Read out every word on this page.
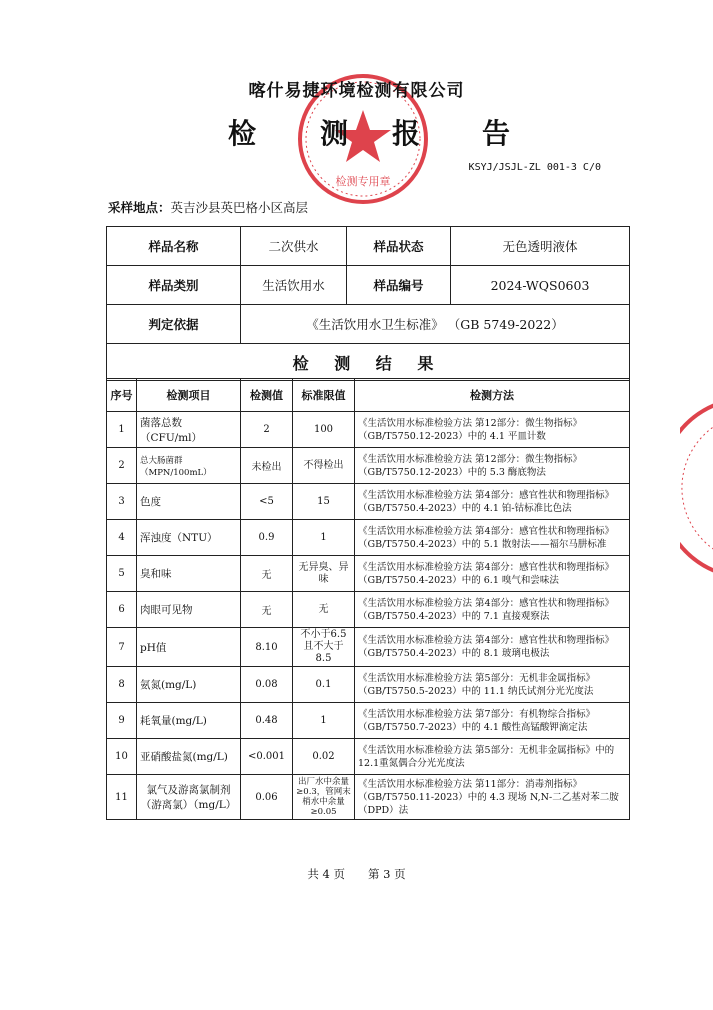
检测专用章
喀什易捷环境检测有限公司
检 测 报 告
KSYJ/JSJL-ZL 001-3 C/0
采样地点：英吉沙县英巴格小区高层
样品名称	二次供水	样品状态	无色透明液体
样品类别	生活饮用水	样品编号	2024-WQS0603
判定依据	《生活饮用水卫生标准》 （GB 5749-2022）		
检 测 结 果			
序号	检测项目	检测值	标准限值	检测方法
1	菌落总数（CFU/ml）	2	100	《生活饮用水标准检验方法 第12部分：微生物指标》（GB/T5750.12-2023）中的 4.1 平皿计数
2	总大肠菌群（MPN/100mL）	未检出	不得检出	《生活饮用水标准检验方法 第12部分：微生物指标》（GB/T5750.12-2023）中的 5.3 酶底物法
3	色度	<5	15	《生活饮用水标准检验方法 第4部分：感官性状和物理指标》（GB/T5750.4-2023）中的 4.1 铂-钴标准比色法
4	浑浊度（NTU）	0.9	1	《生活饮用水标准检验方法 第4部分：感官性状和物理指标》（GB/T5750.4-2023）中的 5.1 散射法——福尔马肼标准
5	臭和味	无	无异臭、异味	《生活饮用水标准检验方法 第4部分：感官性状和物理指标》（GB/T5750.4-2023）中的 6.1 嗅气和尝味法
6	肉眼可见物	无	无	《生活饮用水标准检验方法 第4部分：感官性状和物理指标》（GB/T5750.4-2023）中的 7.1 直接观察法
7	pH值	8.10	不小于6.5且不大于8.5	《生活饮用水标准检验方法 第4部分：感官性状和物理指标》（GB/T5750.4-2023）中的 8.1 玻璃电极法
8	氨氮(mg/L)	0.08	0.1	《生活饮用水标准检验方法 第5部分：无机非金属指标》（GB/T5750.5-2023）中的 11.1 纳氏试剂分光光度法
9	耗氧量(mg/L)	0.48	1	《生活饮用水标准检验方法 第7部分：有机物综合指标》（GB/T5750.7-2023）中的 4.1 酸性高锰酸钾滴定法
10	亚硝酸盐氮(mg/L)	<0.001	0.02	《生活饮用水标准检验方法 第5部分：无机非金属指标》中的 12.1重氮偶合分光光度法
11	氯气及游离氯制剂（游离氯）（mg/L）	0.06	出厂水中余量≥0.3，管网末梢水中余量≥0.05	《生活饮用水标准检验方法 第11部分：消毒剂指标》（GB/T5750.11-2023）中的 4.3 现场 N,N-二乙基对苯二胺（DPD）法
共 4 页　　第 3 页
